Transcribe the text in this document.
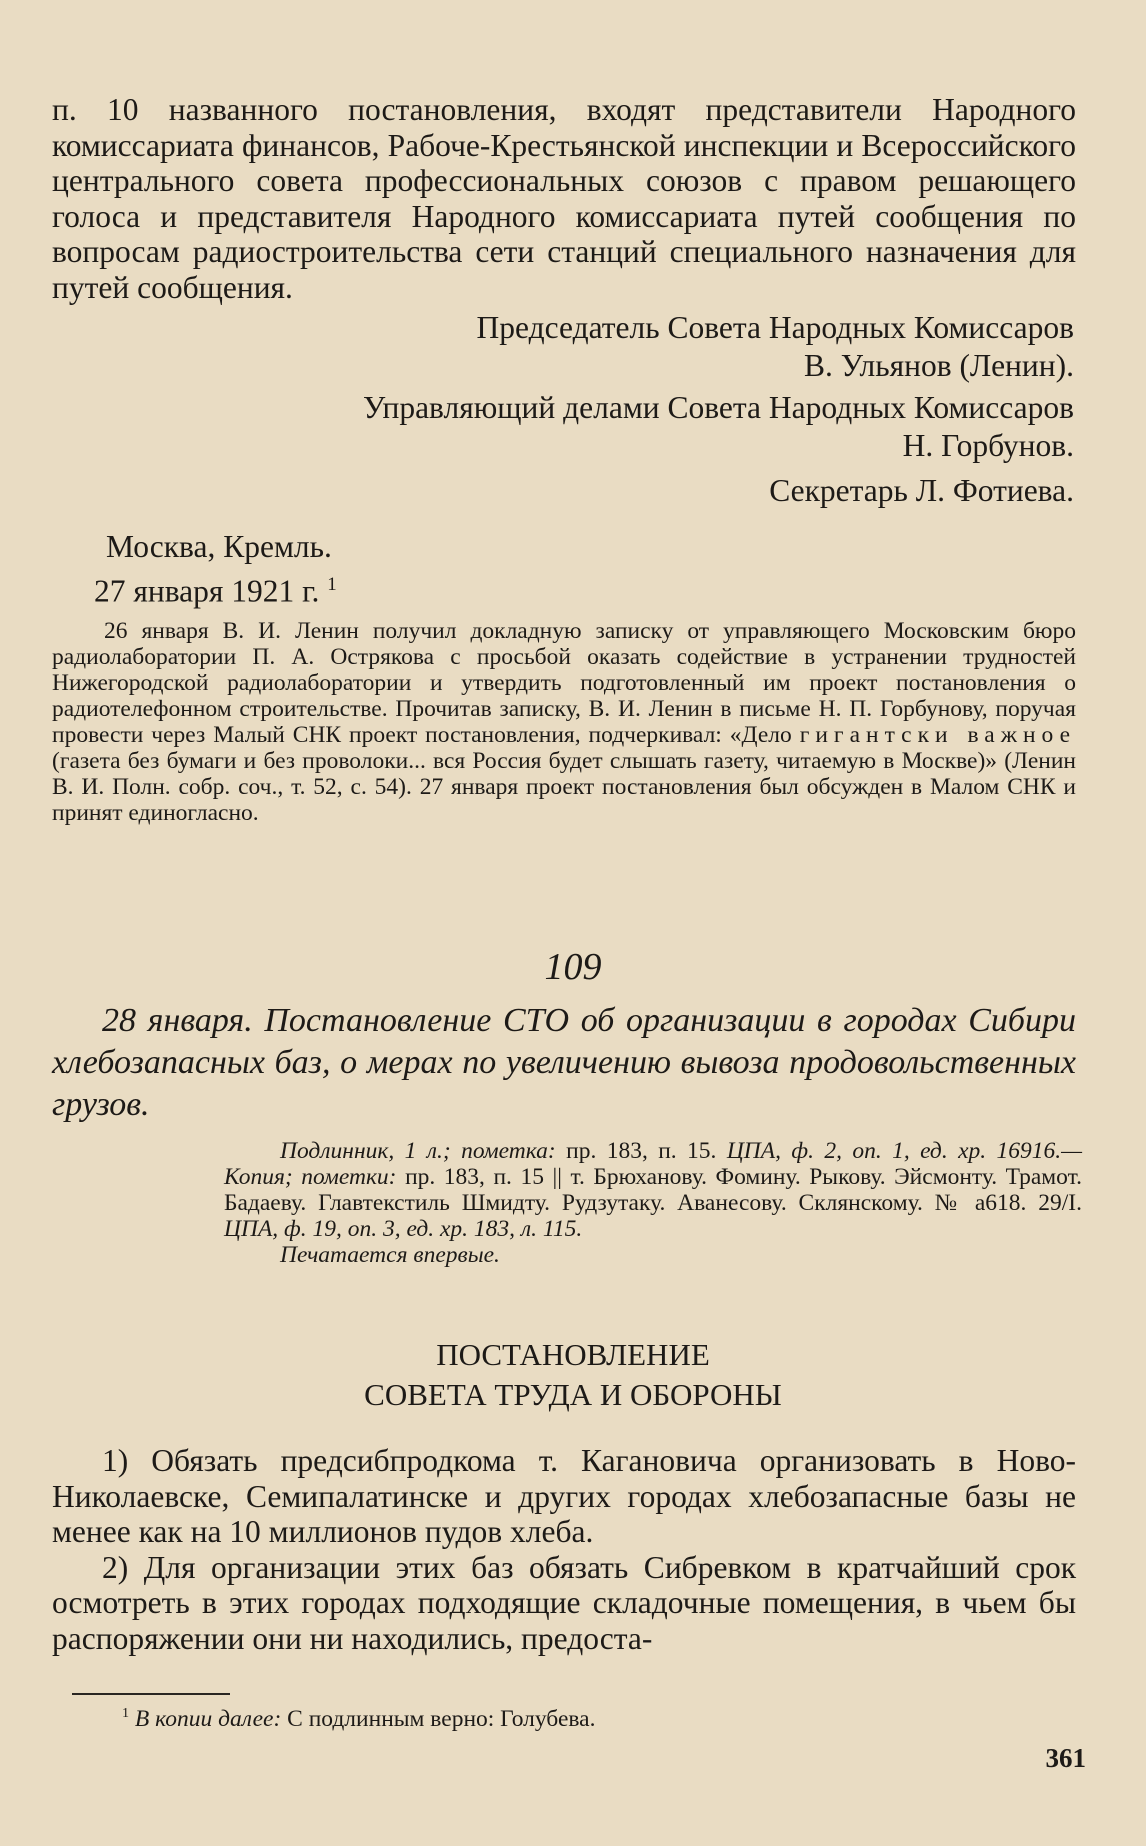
п. 10 названного постановления, входят представители Народного комиссариата финансов, Рабоче-Крестьянской инспекции и Всероссийского центрального совета профессиональных союзов с правом решающего голоса и представителя Народного комиссариата путей сообщения по вопросам радиостроительства сети станций специального назначения для путей сообщения.

Председатель Совета Народных Комиссаров
В. Ульянов (Ленин).
Управляющий делами Совета Народных Комиссаров
Н. Горбунов.
Секретарь Л. Фотиева.
Москва, Кремль.
27 января 1921 г. $^1$

26 января В. И. Ленин получил докладную записку от управляющего Московским бюро радиолаборатории П. А. Острякова с просьбой оказать содействие в устранении трудностей Нижегородской радиолаборатории и утвердить подготовленный им проект постановления о радиотелефонном строительстве. Прочитав записку, В. И. Ленин в письме Н. П. Горбунову, поручая провести через Малый СНК проект постановления, подчеркивал: «Дело гигантски важное (газета без бумаги и без проволоки... вся Россия будет слышать газету, читаемую в Москве)» (Ленин В. И. Полн. собр. соч., т. 52, с. 54). 27 января проект постановления был обсужден в Малом СНК и принят единогласно.

109

28 января. Постановление СТО об организации в городах Сибири хлебозапасных баз, о мерах по увеличению вывоза продовольственных грузов.

Подлинник, 1 л.; пометка: пр. 183, п. 15. ЦПА, ф. 2, оп. 1, ед. хр. 16916.— Копия; пометки: пр. 183, п. 15 || т. Брюханову. Фомину. Рыкову. Эйсмонту. Трамот. Бадаеву. Главтекстиль Шмидту. Рудзутаку. Аванесову. Склянскому. № а618. 29/I. ЦПА, ф. 19, оп. 3, ед. хр. 183, л. 115.
Печатается впервые.
ПОСТАНОВЛЕНИЕ
СОВЕТА ТРУДА И ОБОРОНЫ

1) Обязать предсибпродкома т. Кагановича организовать в Ново-Николаевске, Семипалатинске и других городах хлебозапасные базы не менее как на 10 миллионов пудов хлеба.

2) Для организации этих баз обязать Сибревком в кратчайший срок осмотреть в этих городах подходящие складочные помещения, в чьем бы распоряжении они ни находились, предоста-

$^1$ В копии далее: С подлинным верно: Голубева.
361
